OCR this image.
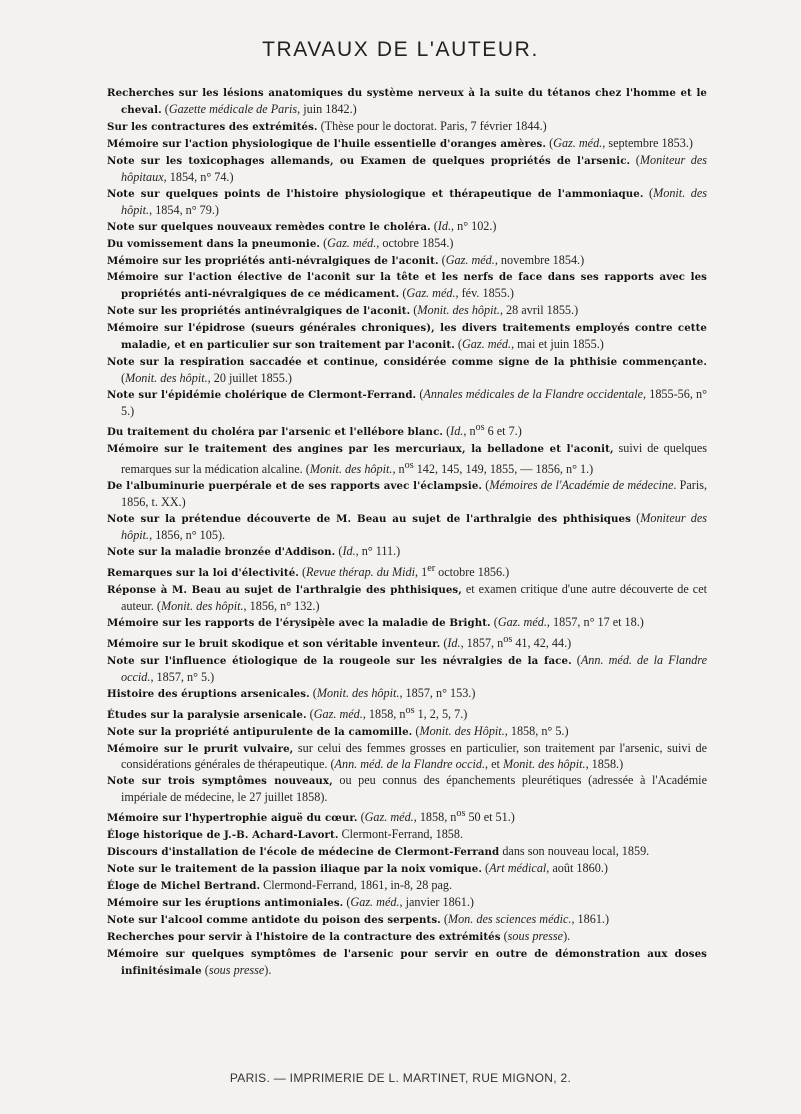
TRAVAUX DE L'AUTEUR.
Recherches sur les lésions anatomiques du système nerveux à la suite du tétanos chez l'homme et le cheval. (Gazette médicale de Paris, juin 1842.)
Sur les contractures des extrémités. (Thèse pour le doctorat. Paris, 7 février 1844.)
Mémoire sur l'action physiologique de l'huile essentielle d'oranges amères. (Gaz. méd., septembre 1853.)
Note sur les toxicophages allemands, ou Examen de quelques propriétés de l'arsenic. (Moniteur des hôpitaux, 1854, n° 74.)
Note sur quelques points de l'histoire physiologique et thérapeutique de l'ammoniaque. (Monit. des hôpit., 1854, n° 79.)
Note sur quelques nouveaux remèdes contre le choléra. (Id., n° 102.)
Du vomissement dans la pneumonie. (Gaz. méd., octobre 1854.)
Mémoire sur les propriétés anti-névralgiques de l'aconit. (Gaz. méd., novembre 1854.)
Mémoire sur l'action élective de l'aconit sur la tête et les nerfs de face dans ses rapports avec les propriétés anti-névralgiques de ce médicament. (Gaz. méd., fév. 1855.)
Note sur les propriétés antinévralgiques de l'aconit. (Monit. des hôpit., 28 avril 1855.)
Mémoire sur l'épidrose (sueurs générales chroniques), les divers traitements employés contre cette maladie, et en particulier sur son traitement par l'aconit. (Gaz. méd., mai et juin 1855.)
Note sur la respiration saccadée et continue, considérée comme signe de la phthisie commençante. (Monit. des hôpit., 20 juillet 1855.)
Note sur l'épidémie cholérique de Clermont-Ferrand. (Annales médicales de la Flandre occidentale, 1855-56, n° 5.)
Du traitement du choléra par l'arsenic et l'ellébore blanc. (Id., $n^{os}$ 6 et 7.)
Mémoire sur le traitement des angines par les mercuriaux, la belladone et l'aconit, suivi de quelques remarques sur la médication alcaline. (Monit. des hôpit., $n^{os}$ 142, 145, 149, 1855, — 1856, n° 1.)
De l'albuminurie puerpérale et de ses rapports avec l'éclampsie. (Mémoires de l'Académie de médecine. Paris, 1856, t. XX.)
Note sur la prétendue découverte de M. Beau au sujet de l'arthralgie des phthisiques (Moniteur des hôpit., 1856, n° 105).
Note sur la maladie bronzée d'Addison. (Id., n° 111.)
Remarques sur la loi d'électivité. (Revue thérap. du Midi, 1er octobre 1856.)
Réponse à M. Beau au sujet de l'arthralgie des phthisiques, et examen critique d'une autre découverte de cet auteur. (Monit. des hôpit., 1856, n° 132.)
Mémoire sur les rapports de l'érysipèle avec la maladie de Bright. (Gaz. méd., 1857, n° 17 et 18.)
Mémoire sur le bruit skodique et son véritable inventeur. (Id., 1857, $n^{os}$ 41, 42, 44.)
Note sur l'influence étiologique de la rougeole sur les névralgies de la face. (Ann. méd. de la Flandre occid., 1857, n° 5.)
Histoire des éruptions arsenicales. (Monit. des hôpit., 1857, n° 153.)
Études sur la paralysie arsenicale. (Gaz. méd., 1858, $n^{os}$ 1, 2, 5, 7.)
Note sur la propriété antipurulente de la camomille. (Monit. des Hôpit., 1858, n° 5.)
Mémoire sur le prurit vulvaire, sur celui des femmes grosses en particulier, son traitement par l'arsenic, suivi de considérations générales de thérapeutique. (Ann. méd. de la Flandre occid., et Monit. des hôpit., 1858.)
Note sur trois symptômes nouveaux, ou peu connus des épanchements pleurétiques (adressée à l'Académie impériale de médecine, le 27 juillet 1858).
Mémoire sur l'hypertrophie aiguë du cœur. (Gaz. méd., 1858, $n^{os}$ 50 et 51.)
Éloge historique de J.-B. Achard-Lavort. Clermont-Ferrand, 1858.
Discours d'installation de l'école de médecine de Clermont-Ferrand dans son nouveau local, 1859.
Note sur le traitement de la passion iliaque par la noix vomique. (Art médical, août 1860.)
Éloge de Michel Bertrand. Clermond-Ferrand, 1861, in-8, 28 pag.
Mémoire sur les éruptions antimoniales. (Gaz. méd., janvier 1861.)
Note sur l'alcool comme antidote du poison des serpents. (Mon. des sciences médic., 1861.)
Recherches pour servir à l'histoire de la contracture des extrémités (sous presse).
Mémoire sur quelques symptômes de l'arsenic pour servir en outre de démonstration aux doses infinitésimale (sous presse).
PARIS. — IMPRIMERIE DE L. MARTINET, RUE MIGNON, 2.
